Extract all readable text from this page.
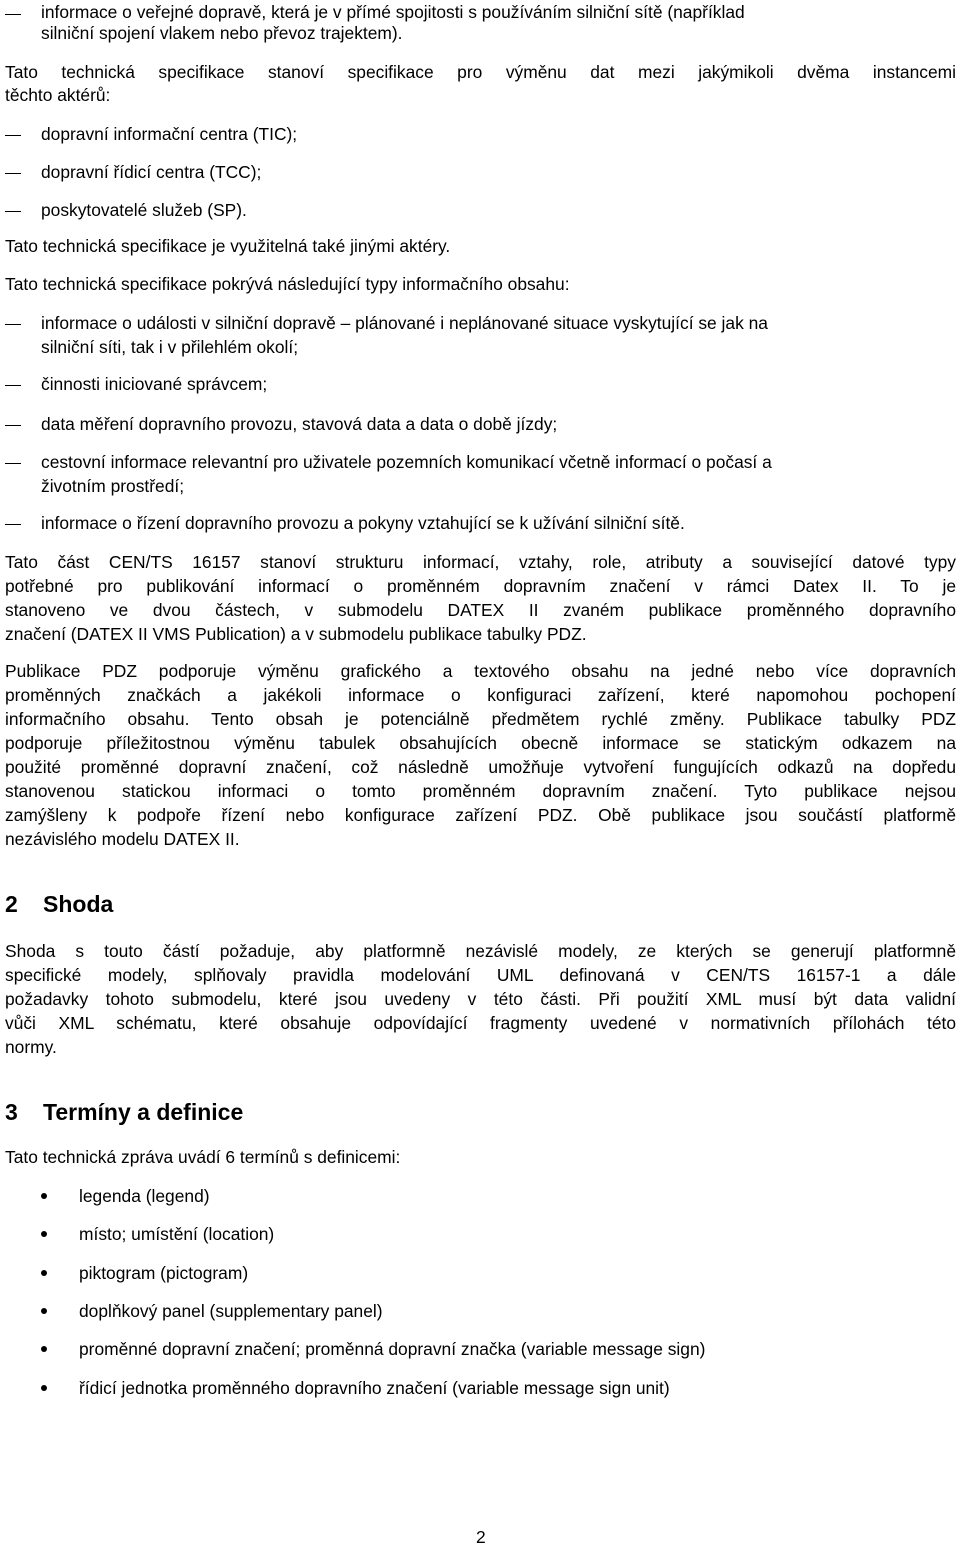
informace o veřejné dopravě, která je v přímé spojitosti s používáním silniční sítě (například
silniční spojení vlakem nebo převoz trajektem).
Tato technická specifikace stanoví specifikace pro výměnu dat mezi jakýmikoli dvěma instancemi
těchto aktérů:
dopravní informační centra (TIC);
dopravní řídicí centra (TCC);
poskytovatelé služeb (SP).
Tato technická specifikace je využitelná také jinými aktéry.
Tato technická specifikace pokrývá následující typy informačního obsahu:
informace o události v silniční dopravě – plánované i neplánované situace vyskytující se jak na
silniční síti, tak i v přilehlém okolí;
činnosti iniciované správcem;
data měření dopravního provozu, stavová data a data o době jízdy;
cestovní informace relevantní pro uživatele pozemních komunikací včetně informací o počasí a
životním prostředí;
informace o řízení dopravního provozu a pokyny vztahující se k užívání silniční sítě.
Tato část CEN/TS 16157 stanoví strukturu informací, vztahy, role, atributy a související datové typy
potřebné pro publikování informací o proměnném dopravním značení v rámci Datex II. To je
stanoveno ve dvou částech, v submodelu DATEX II zvaném publikace proměnného dopravního
značení (DATEX II VMS Publication) a v submodelu publikace tabulky PDZ.
Publikace PDZ podporuje výměnu grafického a textového obsahu na jedné nebo více dopravních
proměnných značkách a jakékoli informace o konfiguraci zařízení, které napomohou pochopení
informačního obsahu. Tento obsah je potenciálně předmětem rychlé změny. Publikace tabulky PDZ
podporuje příležitostnou výměnu tabulek obsahujících obecně informace se statickým odkazem na
použité proměnné dopravní značení, což následně umožňuje vytvoření fungujících odkazů na dopředu
stanovenou statickou informaci o tomto proměnném dopravním značení. Tyto publikace nejsou
zamýšleny k podpoře řízení nebo konfigurace zařízení PDZ. Obě publikace jsou součástí platformě
nezávislého modelu DATEX II.
2 Shoda
Shoda s touto částí požaduje, aby platformně nezávislé modely, ze kterých se generují platformně
specifické modely, splňovaly pravidla modelování UML definovaná v CEN/TS 16157-1 a dále
požadavky tohoto submodelu, které jsou uvedeny v této části. Při použití XML musí být data validní
vůči XML schématu, které obsahuje odpovídající fragmenty uvedené v normativních přílohách této
normy.
3 Termíny a definice
Tato technická zpráva uvádí 6 termínů s definicemi:
legenda (legend)
místo; umístění (location)
piktogram (pictogram)
doplňkový panel (supplementary panel)
proměnné dopravní značení; proměnná dopravní značka (variable message sign)
řídicí jednotka proměnného dopravního značení (variable message sign unit)
2
